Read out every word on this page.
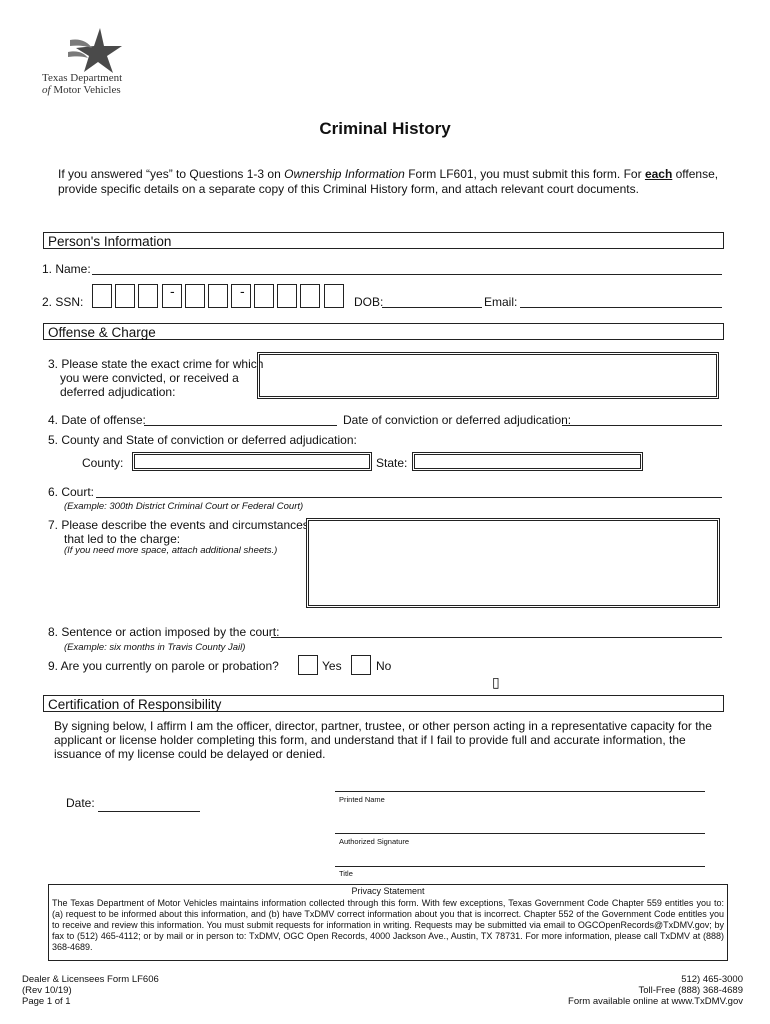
Texas Department
of Motor Vehicles
Criminal History
If you answered “yes” to Questions 1-3 on Ownership Information Form LF601, you must submit this form. For each offense, provide specific details on a separate copy of this Criminal History form, and attach relevant court documents.
Person's Information
1. Name:
2. SSN:
-	-
DOB:	Email:
Offense & Charge
3. Please state the exact crime for which
you were convicted, or received a
deferred adjudication:
4. Date of offense:	Date of conviction or deferred adjudication:
5. County and State of conviction or deferred adjudication:
County:	State:
6. Court:
(Example: 300th District Criminal Court or Federal Court)
7. Please describe the events and circumstances
that led to the charge:
(If you need more space, attach additional sheets.)
8. Sentence or action imposed by the court:
(Example: six months in Travis County Jail)
9. Are you currently on parole or probation?	Yes	No
▯
Certification of Responsibility
By signing below, I affirm I am the officer, director, partner, trustee, or other person acting in a representative capacity for the applicant or license holder completing this form, and understand that if I fail to provide full and accurate information, the issuance of my license could be delayed or denied.
Printed Name
Date:
Authorized Signature
Title
Privacy Statement
The Texas Department of Motor Vehicles maintains information collected through this form. With few exceptions, Texas Government Code Chapter 559 entitles you to: (a) request to be informed about this information, and (b) have TxDMV correct information about you that is incorrect. Chapter 552 of the Government Code entitles you to receive and review this information. You must submit requests for information in writing. Requests may be submitted via email to OGCOpenRecords@TxDMV.gov; by fax to (512) 465-4112; or by mail or in person to: TxDMV, OGC Open Records, 4000 Jackson Ave., Austin, TX 78731. For more information, please call TxDMV at (888) 368-4689.
Dealer & Licensees Form LF606
(Rev 10/19)
Page 1 of 1
512) 465-3000
Toll-Free (888) 368-4689
Form available online at www.TxDMV.gov
